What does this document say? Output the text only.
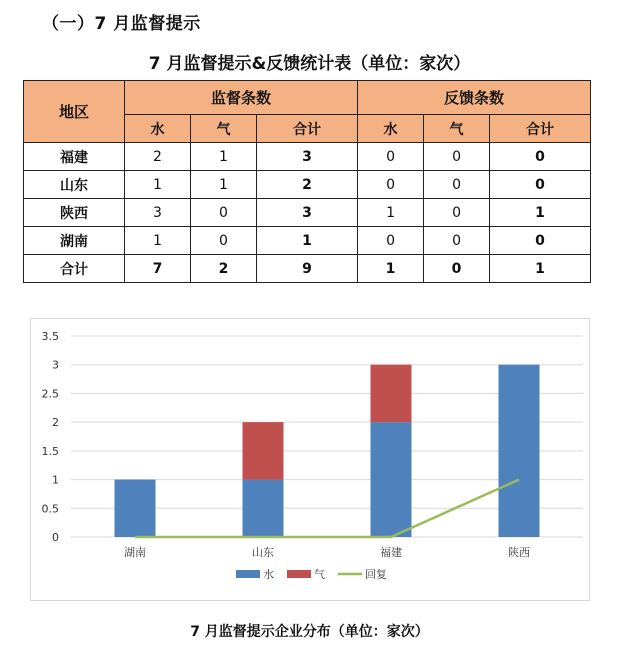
（一）7 月监督提示
7 月监督提示&反馈统计表（单位：家次）
地区	监督条数			反馈条数		
	水	气	合计	水	气	合计
福建	2	1	3	0	0	0
山东	1	1	2	0	0	0
陕西	3	0	3	1	0	1
湖南	1	0	1	0	0	0
合计	7	2	9	1	0	1
0
0.5
1
1.5
2
2.5
3
3.5
湖南	山东	福建	陕西
水	气	回复
7 月监督提示企业分布（单位：家次）
